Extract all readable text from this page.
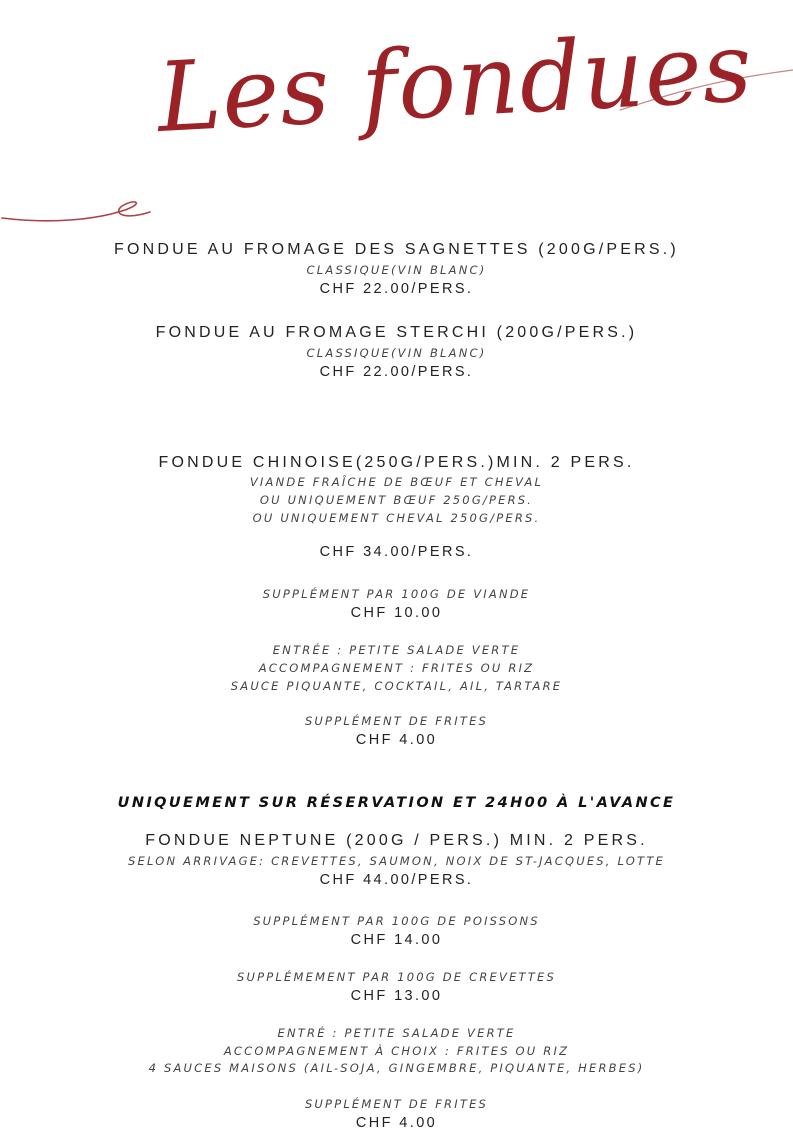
Les fondues
FONDUE AU FROMAGE DES SAGNETTES (200G/PERS.)
CLASSIQUE(VIN BLANC)
CHF 22.00/PERS.
FONDUE AU FROMAGE STERCHI (200G/PERS.)
CLASSIQUE(VIN BLANC)
CHF 22.00/PERS.
FONDUE CHINOISE(250G/PERS.)MIN. 2 PERS.
VIANDE FRAÎCHE DE BŒUF ET CHEVAL
OU UNIQUEMENT BŒUF 250G/PERS.
OU UNIQUEMENT CHEVAL 250G/PERS.
CHF 34.00/PERS.
SUPPLÉMENT PAR 100G DE VIANDE
CHF 10.00
ENTRÉE : PETITE SALADE VERTE
ACCOMPAGNEMENT : FRITES OU RIZ
SAUCE PIQUANTE, COCKTAIL, AIL, TARTARE
SUPPLÉMENT DE FRITES
CHF 4.00
UNIQUEMENT SUR RÉSERVATION ET 24H00 À L'AVANCE
FONDUE NEPTUNE (200G / PERS.) MIN. 2 PERS.
SELON ARRIVAGE: CREVETTES, SAUMON, NOIX DE ST-JACQUES, LOTTE
CHF 44.00/PERS.
SUPPLÉMENT PAR 100G DE POISSONS
CHF 14.00
SUPPLÉMEMENT PAR 100G DE CREVETTES
CHF 13.00
ENTRÉ : PETITE SALADE VERTE
ACCOMPAGNEMENT À CHOIX : FRITES OU RIZ
4 SAUCES MAISONS (AIL-SOJA, GINGEMBRE, PIQUANTE, HERBES)
SUPPLÉMENT DE FRITES
CHF 4.00
